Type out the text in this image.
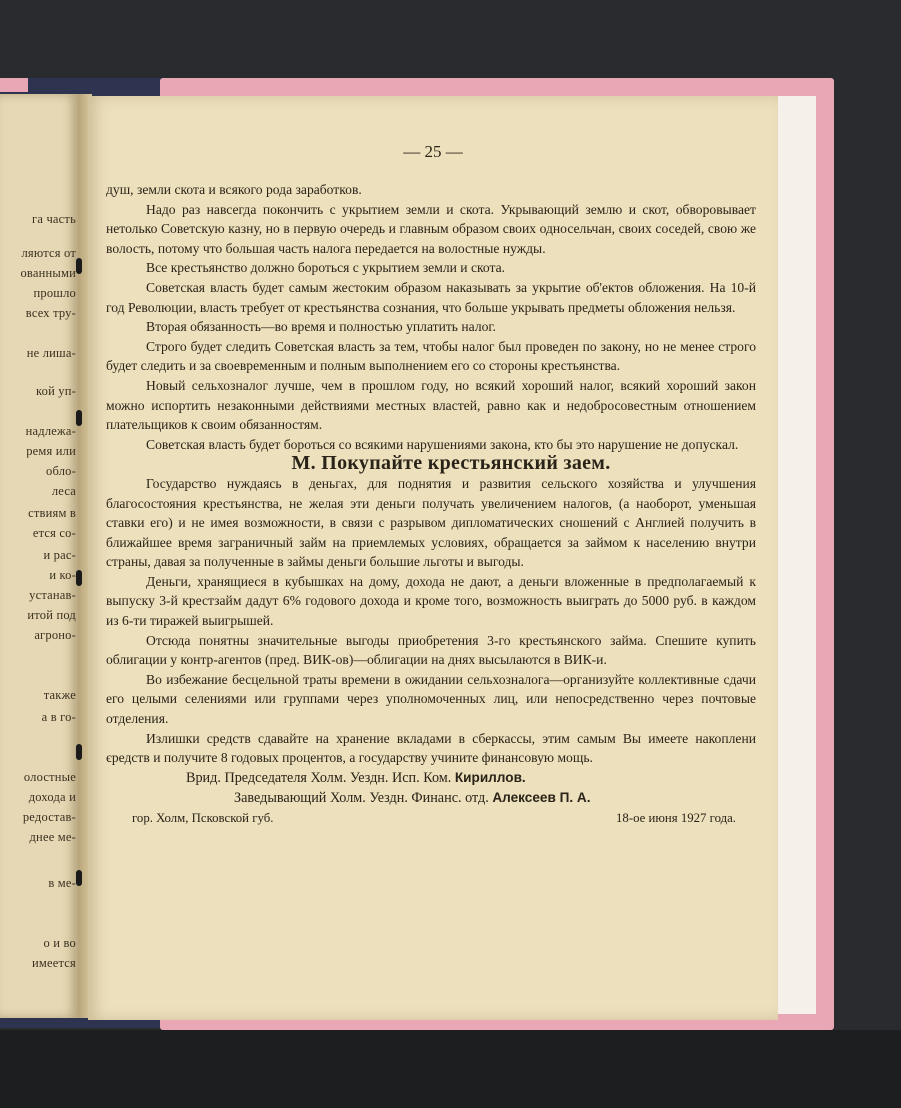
га часть
ляются от
ованными
прошло
всех тру-
не лиша-
кой уп-
надлежа-
ремя или
обло-
леса
ствиям в
ется со-
и рас-
и ко-
устанав-
итой под
агроно-
также
а в го-
олостные
дохода и
редостав-
днее ме-
в ме-
о и во
имеется
— 25 —

душ, земли скота и всякого рода заработков.

Надо раз навсегда покончить с укрытием земли и скота. Укрывающий землю и скот, обворовывает нетолько Советскую казну, но в первую очередь и главным образом своих односельчан, своих соседей, свою же волость, потому что большая часть налога передается на волостные нужды.

Все крестьянство должно бороться с укрытием земли и скота.

Советская власть будет самым жестоким образом наказывать за укрытие об'ектов обложения. На 10-й год Революции, власть требует от крестьянства сознания, что больше укрывать предметы обложения нельзя.

Вторая обязанность—во время и полностью уплатить налог.

Строго будет следить Советская власть за тем, чтобы налог был проведен по закону, но не менее строго будет следить и за своевременным и полным выполнением его со стороны крестьянства.

Новый сельхозналог лучше, чем в прошлом году, но всякий хороший налог, всякий хороший закон можно испортить незаконными действиями местных властей, равно как и недобросовестным отношением плательщиков к своим обязанностям.

Советская власть будет бороться со всякими нарушениями закона, кто бы это нарушение не допускал.

М. Покупайте крестьянский заем.

Государство нуждаясь в деньгах, для поднятия и развития сельского хозяйства и улучшения благосостояния крестьянства, не желая эти деньги получать увеличением налогов, (а наоборот, уменьшая ставки его) и не имея возможности, в связи с разрывом дипломатических сношений с Англией получить в ближайшее время заграничный займ на приемлемых условиях, обращается за займом к населению внутри страны, давая за полученные в займы деньги большие льготы и выгоды.

Деньги, хранящиеся в кубышках на дому, дохода не дают, а деньги вложенные в предполагаемый к выпуску 3-й крестзайм дадут 6% годового дохода и кроме того, возможность выиграть до 5000 руб. в каждом из 6-ти тиражей выигрышей.

Отсюда понятны значительные выгоды приобретения 3-го крестьянского займа. Спешите купить облигации у контр-агентов (пред. ВИК-ов)—облигации на днях высылаются в ВИК-и.

Во избежание бесцельной траты времени в ожидании сельхозналога—организуйте коллективные сдачи его целыми селениями или группами через уполномоченных лиц, или непосредственно через почтовые отделения.

Излишки средств сдавайте на хранение вкладами в сберкассы, этим самым Вы имеете накоплени єредств и получите 8 годовых процентов, а государству учините финансовую мощь.

Врид. Председателя Холм. Уездн. Исп. Ком. Кириллов.

Заведывающий Холм. Уездн. Финанс. отд. Алексеев П. А.

гор. Холм, Псковской губ.	18-ое июня 1927 года.
